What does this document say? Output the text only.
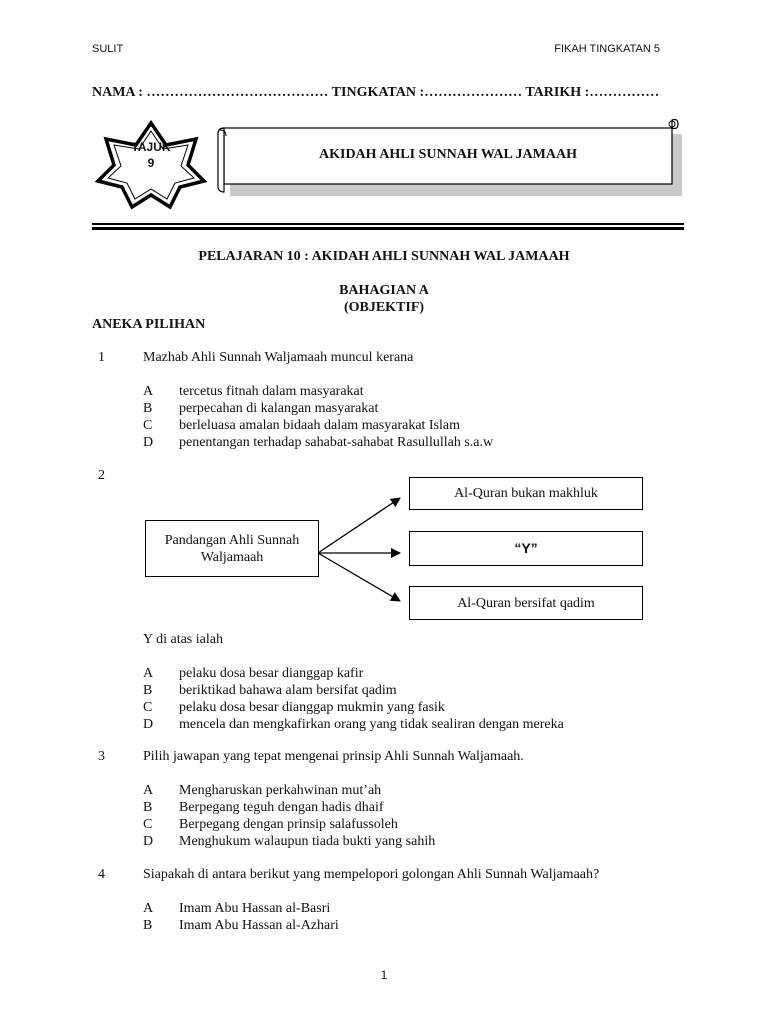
SULIT	FIKAH TINGKATAN 5
NAMA : ………………………………… TINGKATAN :………………… TARIKH :……………
TAJUK
9
AKIDAH AHLI SUNNAH WAL JAMAAH
PELAJARAN 10 : AKIDAH AHLI SUNNAH WAL JAMAAH
BAHAGIAN A
(OBJEKTIF)
ANEKA PILIHAN
1	Mazhab Ahli Sunnah Waljamaah muncul kerana
A	tercetus fitnah dalam masyarakat
B	perpecahan di kalangan masyarakat
C	berleluasa amalan bidaah dalam masyarakat Islam
D	penentangan terhadap sahabat-sahabat Rasullullah s.a.w
2
Pandangan Ahli Sunnah
Waljamaah
Al-Quran bukan makhluk
“Y”
Al-Quran bersifat qadim
Y di atas ialah
A	pelaku dosa besar dianggap kafir
B	beriktikad bahawa alam bersifat qadim
C	pelaku dosa besar dianggap mukmin yang fasik
D	mencela dan mengkafirkan orang yang tidak sealiran dengan mereka
3	Pilih jawapan yang tepat mengenai prinsip Ahli Sunnah Waljamaah.
A	Mengharuskan perkahwinan mut’ah
B	Berpegang teguh dengan hadis dhaif
C	Berpegang dengan prinsip salafussoleh
D	Menghukum walaupun tiada bukti yang sahih
4	Siapakah di antara berikut yang mempelopori golongan Ahli Sunnah Waljamaah?
A	Imam Abu Hassan al-Basri
B	Imam Abu Hassan al-Azhari
1
